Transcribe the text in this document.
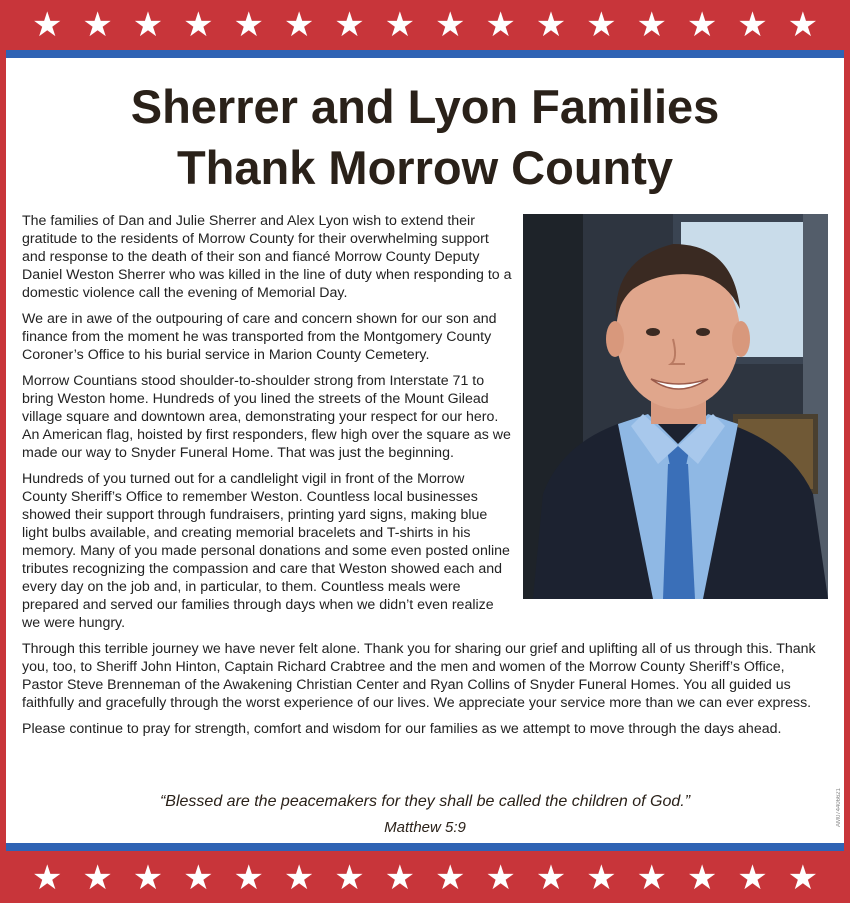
★ ★ ★ ★ ★ ★ ★ ★ ★ ★ ★ ★ ★ ★ ★ ★
Sherrer and Lyon Families
Thank Morrow County

The families of Dan and Julie Sherrer and Alex Lyon wish to extend their gratitude to the residents of Morrow County for their overwhelming support and response to the death of their son and fiancé Morrow County Deputy Daniel Weston Sherrer who was killed in the line of duty when responding to a domestic violence call the evening of Memorial Day.

We are in awe of the outpouring of care and concern shown for our son and finance from the moment he was transported from the Montgomery County Coroner’s Office to his burial service in Marion County Cemetery.

Morrow Countians stood shoulder-to-shoulder strong from Interstate 71 to bring Weston home. Hundreds of you lined the streets of the Mount Gilead village square and downtown area, demonstrating your respect for our hero. An American flag, hoisted by first responders, flew high over the square as we made our way to Snyder Funeral Home. That was just the beginning.

Hundreds of you turned out for a candlelight vigil in front of the Morrow County Sheriff’s Office to remember Weston. Countless local businesses showed their support through fundraisers, printing yard signs, making blue light bulbs available, and creating memorial bracelets and T-shirts in his memory. Many of you made personal donations and some even posted online tributes recognizing the compassion and care that Weston showed each and every day on the job and, in particular, to them. Countless meals were prepared and served our families through days when we didn’t even realize we were hungry.

Through this terrible journey we have never felt alone. Thank you for sharing our grief and uplifting all of us through this. Thank you, too, to Sheriff John Hinton, Captain Richard Crabtree and the men and women of the Morrow County Sheriff’s Office, Pastor Steve Brenneman of the Awakening Christian Center and Ryan Collins of Snyder Funeral Homes. You all guided us faithfully and gracefully through the worst experience of our lives. We appreciate your service more than we can ever express.

Please continue to pray for strength, comfort and wisdom for our families as we attempt to move through the days ahead.

“Blessed are the peacemakers for they shall be called the children of God.”

Matthew 5:9

AM074406621
★ ★ ★ ★ ★ ★ ★ ★ ★ ★ ★ ★ ★ ★ ★ ★
